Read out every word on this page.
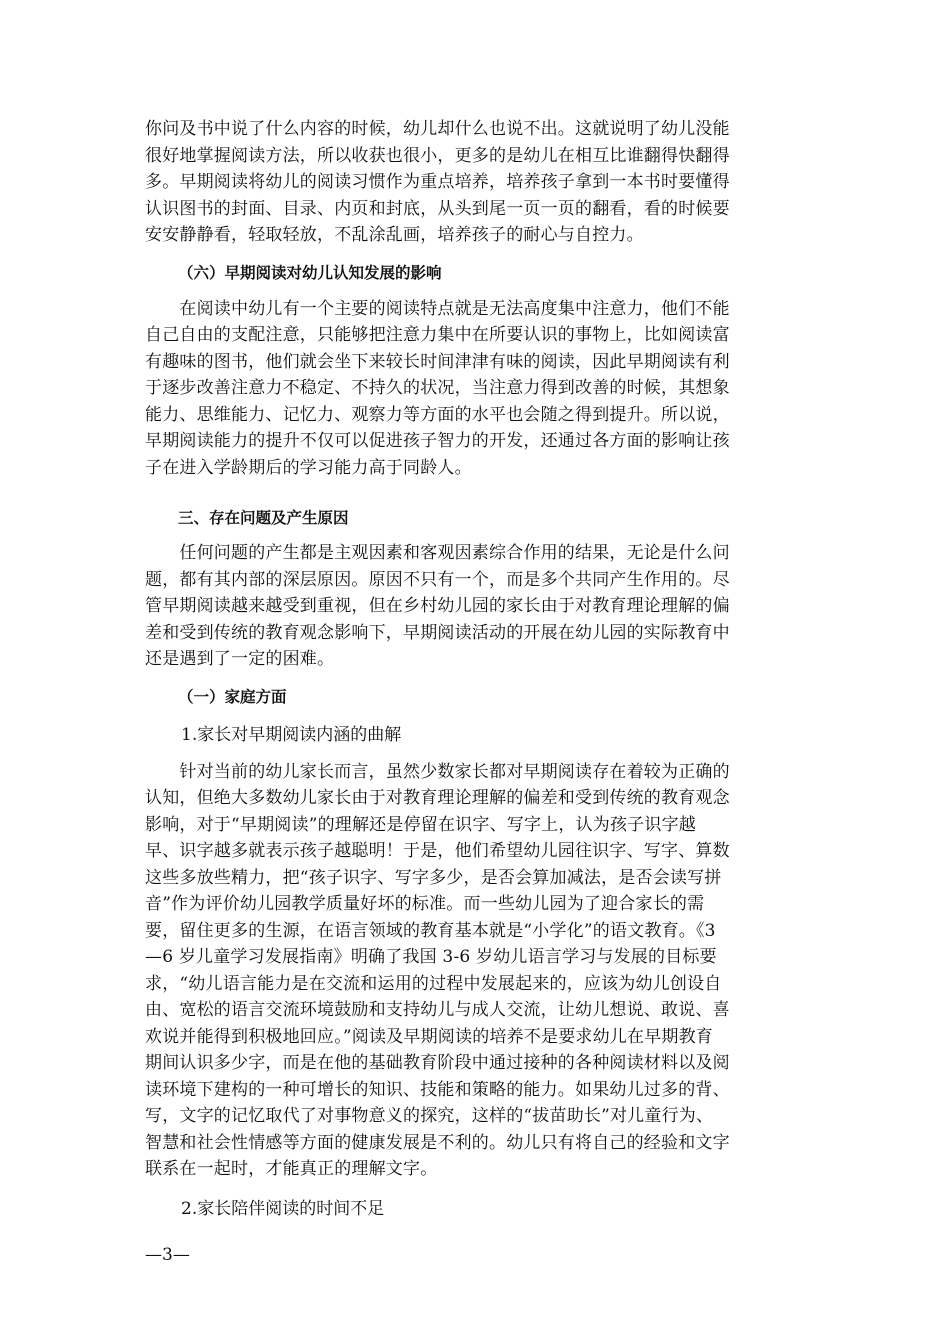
你问及书中说了什么内容的时候，幼儿却什么也说不出。这就说明了幼儿没能
很好地掌握阅读方法，所以收获也很小，更多的是幼儿在相互比谁翻得快翻得
多。早期阅读将幼儿的阅读习惯作为重点培养，培养孩子拿到一本书时要懂得
认识图书的封面、目录、内页和封底，从头到尾一页一页的翻看，看的时候要
安安静静看，轻取轻放，不乱涂乱画，培养孩子的耐心与自控力。
（六）早期阅读对幼儿认知发展的影响
　　在阅读中幼儿有一个主要的阅读特点就是无法高度集中注意力，他们不能
自己自由的支配注意，只能够把注意力集中在所要认识的事物上，比如阅读富
有趣味的图书，他们就会坐下来较长时间津津有味的阅读，因此早期阅读有利
于逐步改善注意力不稳定、不持久的状况，当注意力得到改善的时候，其想象
能力、思维能力、记忆力、观察力等方面的水平也会随之得到提升。所以说，
早期阅读能力的提升不仅可以促进孩子智力的开发，还通过各方面的影响让孩
子在进入学龄期后的学习能力高于同龄人。
三、存在问题及产生原因
　　任何问题的产生都是主观因素和客观因素综合作用的结果，无论是什么问
题，都有其内部的深层原因。原因不只有一个，而是多个共同产生作用的。尽
管早期阅读越来越受到重视，但在乡村幼儿园的家长由于对教育理论理解的偏
差和受到传统的教育观念影响下，早期阅读活动的开展在幼儿园的实际教育中
还是遇到了一定的困难。
（一）家庭方面
1.家长对早期阅读内涵的曲解
　　针对当前的幼儿家长而言，虽然少数家长都对早期阅读存在着较为正确的
认知，但绝大多数幼儿家长由于对教育理论理解的偏差和受到传统的教育观念
影响，对于“早期阅读”的理解还是停留在识字、写字上，认为孩子识字越
早、识字越多就表示孩子越聪明！于是，他们希望幼儿园往识字、写字、算数
这些多放些精力，把“孩子识字、写字多少，是否会算加减法，是否会读写拼
音”作为评价幼儿园教学质量好坏的标准。而一些幼儿园为了迎合家长的需
要，留住更多的生源，在语言领域的教育基本就是“小学化”的语文教育。《3
—6 岁儿童学习发展指南》明确了我国 3-6 岁幼儿语言学习与发展的目标要
求，“幼儿语言能力是在交流和运用的过程中发展起来的，应该为幼儿创设自
由、宽松的语言交流环境鼓励和支持幼儿与成人交流，让幼儿想说、敢说、喜
欢说并能得到积极地回应。”阅读及早期阅读的培养不是要求幼儿在早期教育
期间认识多少字，而是在他的基础教育阶段中通过接种的各种阅读材料以及阅
读环境下建构的一种可增长的知识、技能和策略的能力。如果幼儿过多的背、
写，文字的记忆取代了对事物意义的探究，这样的“拔苗助长”对儿童行为、
智慧和社会性情感等方面的健康发展是不利的。幼儿只有将自己的经验和文字
联系在一起时，才能真正的理解文字。
2.家长陪伴阅读的时间不足
—3—
